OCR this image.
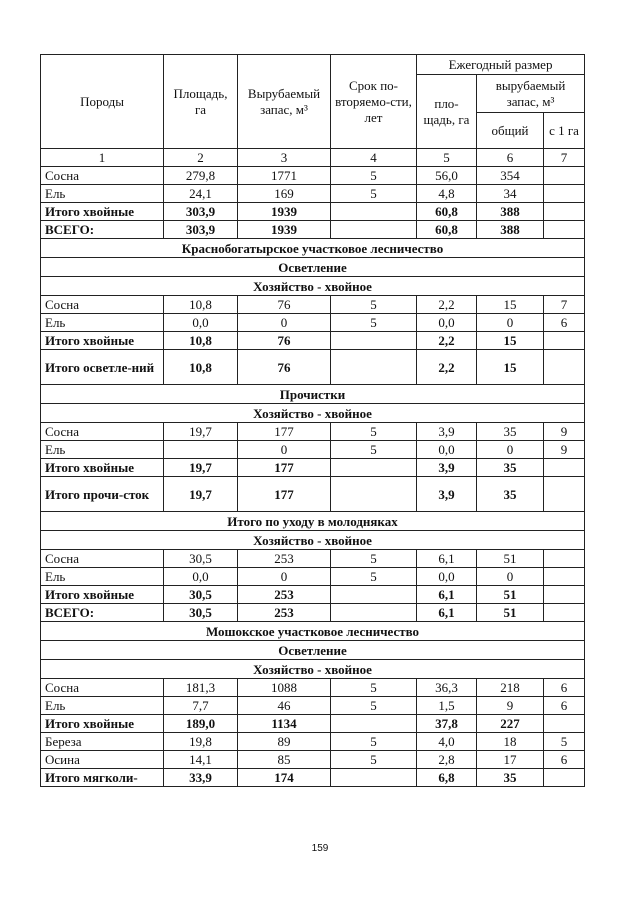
Породы	Площадь, га	Вырубаемый запас, м³	Срок по-вторяемо-сти, лет	Ежегодный размер		
				пло-щадь, га	вырубаемый запас, м³	
					общий	с 1 га
1	2	3	4	5	6	7
Сосна	279,8	1771	5	56,0	354	
Ель	24,1	169	5	4,8	34	
Итого хвойные	303,9	1939		60,8	388	
ВСЕГО:	303,9	1939		60,8	388	
Краснобогатырское участковое лесничество						
Осветление						
Хозяйство - хвойное						
Сосна	10,8	76	5	2,2	15	7
Ель	0,0	0	5	0,0	0	6
Итого хвойные	10,8	76		2,2	15	
Итого осветле-ний	10,8	76		2,2	15	
Прочистки						
Хозяйство - хвойное						
Сосна	19,7	177	5	3,9	35	9
Ель		0	5	0,0	0	9
Итого хвойные	19,7	177		3,9	35	
Итого прочи-сток	19,7	177		3,9	35	
Итого по уходу в молодняках						
Хозяйство - хвойное						
Сосна	30,5	253	5	6,1	51	
Ель	0,0	0	5	0,0	0	
Итого хвойные	30,5	253		6,1	51	
ВСЕГО:	30,5	253		6,1	51	
Мошокское участковое лесничество						
Осветление						
Хозяйство - хвойное						
Сосна	181,3	1088	5	36,3	218	6
Ель	7,7	46	5	1,5	9	6
Итого хвойные	189,0	1134		37,8	227	
Береза	19,8	89	5	4,0	18	5
Осина	14,1	85	5	2,8	17	6
Итого мягколи-	33,9	174		6,8	35	
159
